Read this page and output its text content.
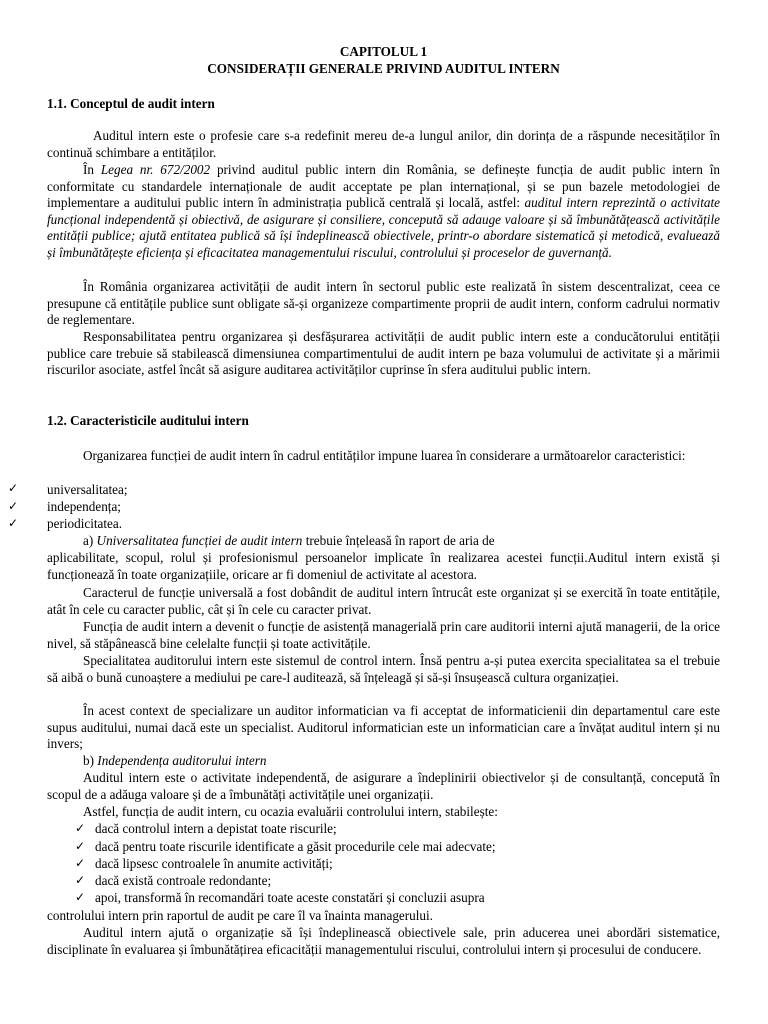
CAPITOLUL 1
CONSIDERAȚII GENERALE PRIVIND AUDITUL INTERN
1.1. Conceptul de audit intern
Auditul intern este o profesie care s-a redefinit mereu de-a lungul anilor, din dorința de a răspunde necesităților în continuă schimbare a entităților.
În Legea nr. 672/2002 privind auditul public intern din România, se definește funcția de audit public intern în conformitate cu standardele internaționale de audit acceptate pe plan internațional, și se pun bazele metodologiei de implementare a auditului public intern în administrația publică centrală și locală, astfel: auditul intern reprezintă o activitate funcțional independentă și obiectivă, de asigurare și consiliere, concepută să adauge valoare și să îmbunătățească activitățile entității publice; ajută entitatea publică să își îndeplinească obiectivele, printr-o abordare sistematică și metodică, evaluează și îmbunătățește eficiența și eficacitatea managementului riscului, controlului și proceselor de guvernanță.
În România organizarea activității de audit intern în sectorul public este realizată în sistem descentralizat, ceea ce presupune că entitățile publice sunt obligate să-și organizeze compartimente proprii de audit intern, conform cadrului normativ de reglementare.
Responsabilitatea pentru organizarea și desfășurarea activității de audit public intern este a conducătorului entității publice care trebuie să stabilească dimensiunea compartimentului de audit intern pe baza volumului de activitate și a mărimii riscurilor asociate, astfel încât să asigure auditarea activităților cuprinse în sfera auditului public intern.
1.2. Caracteristicile auditului intern
Organizarea funcției de audit intern în cadrul entităților impune luarea în considerare a următoarelor caracteristici:
✓ universalitatea;
✓ independența;
✓ periodicitatea.
a) Universalitatea funcției de audit intern trebuie înțeleasă în raport de aria de
aplicabilitate, scopul, rolul și profesionismul persoanelor implicate în realizarea acestei funcții.Auditul intern există și funcționează în toate organizațiile, oricare ar fi domeniul de activitate al acestora.
Caracterul de funcție universală a fost dobândit de auditul intern întrucât este organizat și se exercită în toate entitățile, atât în cele cu caracter public, cât și în cele cu caracter privat.
Funcția de audit intern a devenit o funcție de asistență managerială prin care auditorii interni ajută managerii, de la orice nivel, să stăpânească bine celelalte funcții și toate activitățile.
Specialitatea auditorului intern este sistemul de control intern. Însă pentru a-și putea exercita specialitatea sa el trebuie să aibă o bună cunoaștere a mediului pe care-l auditează, să înțeleagă și să-și însușească cultura organizației.
În acest context de specializare un auditor informatician va fi acceptat de informaticienii din departamentul care este supus auditului, numai dacă este un specialist. Auditorul informatician este un informatician care a învățat auditul intern și nu invers;
b) Independența auditorului intern
Auditul intern este o activitate independentă, de asigurare a îndeplinirii obiectivelor și de consultanță, concepută în scopul de a adăuga valoare și de a îmbunătăți activitățile unei organizații.
Astfel, funcția de audit intern, cu ocazia evaluării controlului intern, stabilește:
✓ dacă controlul intern a depistat toate riscurile;
✓ dacă pentru toate riscurile identificate a găsit procedurile cele mai adecvate;
✓ dacă lipsesc controalele în anumite activități;
✓ dacă există controale redondante;
✓ apoi, transformă în recomandări toate aceste constatări și concluzii asupra
controlului intern prin raportul de audit pe care îl va înainta managerului.
Auditul intern ajută o organizație să își îndeplinească obiectivele sale, prin aducerea unei abordări sistematice, disciplinate în evaluarea și îmbunătățirea eficacității managementului riscului, controlului intern și procesului de conducere.
